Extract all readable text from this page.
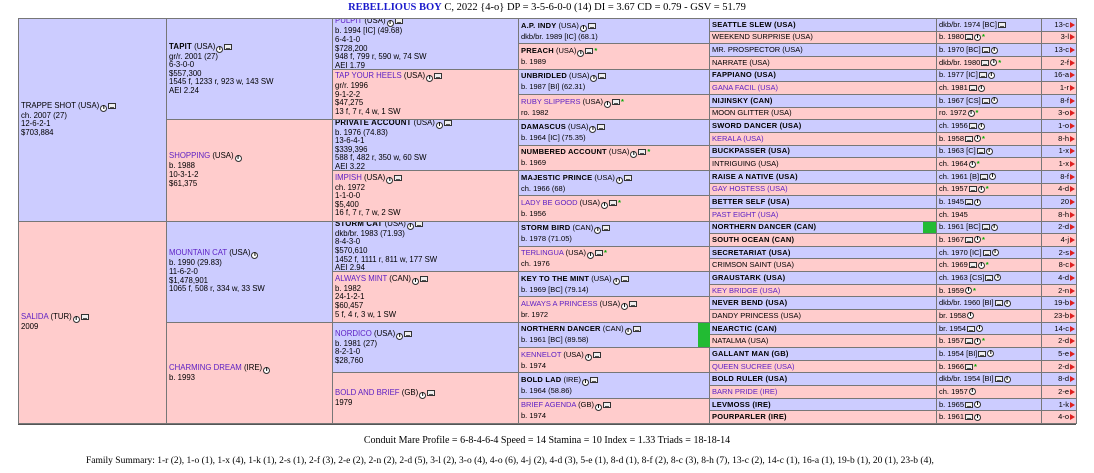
REBELLIOUS BOY C, 2022 {4-o} DP = 3-5-6-0-0 (14) DI = 3.67 CD = 0.79 - GSV = 51.79
TRAPPE SHOT (USA) i
ch. 2007 (27)
12-6-2-1
$703,884
SALIDA (TUR) i
2009
TAPIT (USA) i
gr/r. 2001 (27)
6-3-0-0
$557,300
1545 f, 1233 r, 923 w, 143 SW
AEI 2.24
SHOPPING (USA) i
b. 1988
10-3-1-2
$61,375
MOUNTAIN CAT (USA) i
b. 1990 (29.83)
11-6-2-0
$1,478,901
1065 f, 508 r, 334 w, 33 SW
CHARMING DREAM (IRE) i
b. 1993
PULPIT (USA) i
b. 1994 [IC] (49.68)
6-4-1-0
$728,200
948 f, 799 r, 590 w, 74 SW
AEI 1.79
TAP YOUR HEELS (USA) i
gr/r. 1996
9-1-2-2
$47,275
13 f, 7 r, 4 w, 1 SW
PRIVATE ACCOUNT (USA) i
b. 1976 (74.83)
13-6-4-1
$339,396
588 f, 482 r, 350 w, 60 SW
AEI 3.22
IMPISH (USA) i
ch. 1972
1-1-0-0
$5,400
16 f, 7 r, 7 w, 2 SW
STORM CAT (USA) i
dkb/br. 1983 (71.93)
8-4-3-0
$570,610
1452 f, 1111 r, 811 w, 177 SW
AEI 2.94
ALWAYS MINT (CAN) i
b. 1982
24-1-2-1
$60,457
5 f, 4 r, 3 w, 1 SW
NORDICO (USA) i
b. 1981 (27)
8-2-1-0
$28,760
BOLD AND BRIEF (GB) i
1979
A.P. INDY (USA) i
dkb/br. 1989 [IC] (68.1)
SEATTLE SLEW (USA)	dkb/br. 1974 [BC]	13-c
WEEKEND SURPRISE (USA)	b. 1980	i *	3-l
PREACH (USA) i *
b. 1989
MR. PROSPECTOR (USA)	b. 1970 [BC]	i	13-c
NARRATE (USA)	dkb/br. 1980	i *	2-f
UNBRIDLED (USA) i
b. 1987 [BI] (62.31)
FAPPIANO (USA)	b. 1977 [IC]	i	16-a
GANA FACIL (USA)	ch. 1981	i	1-r
RUBY SLIPPERS (USA) i *
ro. 1982
NIJINSKY (CAN)	b. 1967 [CS]	i	8-f
MOON GLITTER (USA)	ro. 1972 i *	3-o
DAMASCUS (USA) i
b. 1964 [IC] (75.35)
SWORD DANCER (USA)	ch. 1956	i	1-o
KERALA (USA)	b. 1958	i *	8-h
NUMBERED ACCOUNT (USA) i *
b. 1969
BUCKPASSER (USA)	b. 1963 [C]	i	1-x
INTRIGUING (USA)	ch. 1964 i *	1-x
MAJESTIC PRINCE (USA) i
ch. 1966 (68)
RAISE A NATIVE (USA)	ch. 1961 [B]	i	8-f
GAY HOSTESS (USA)	ch. 1957	i *	4-d
LADY BE GOOD (USA) i *
b. 1956
BETTER SELF (USA)	b. 1945	i	20
PAST EIGHT (USA)	ch. 1945	8-h
STORM BIRD (CAN) i
b. 1978 (71.05)
NORTHERN DANCER (CAN)	b. 1961 [BC]	i	2-d
SOUTH OCEAN (CAN)	b. 1967	i *	4-j
TERLINGUA (USA) i *
ch. 1976
SECRETARIAT (USA)	ch. 1970 [IC]	i	2-s
CRIMSON SAINT (USA)	ch. 1969	i *	8-c
KEY TO THE MINT (USA) i
b. 1969 [BC] (79.14)
GRAUSTARK (USA)	ch. 1963 [CS]	i	4-d
KEY BRIDGE (USA)	b. 1959 i *	2-n
ALWAYS A PRINCESS (USA) i
br. 1972
NEVER BEND (USA)	dkb/br. 1960 [BI]	i	19-b
DANDY PRINCESS (USA)	br. 1958 i	23-b
NORTHERN DANCER (CAN) i
b. 1961 [BC] (89.58)
NEARCTIC (CAN)	br. 1954	i	14-c
NATALMA (USA)	b. 1957	i *	2-d
KENNELOT (USA) i
b. 1974
GALLANT MAN (GB)	b. 1954 [BI]	i	5-e
QUEEN SUCREE (USA)	b. 1966 *	2-d
BOLD LAD (IRE) i
b. 1964 (58.86)
BOLD RULER (USA)	dkb/br. 1954 [BI]	i	8-d
BARN PRIDE (IRE)	ch. 1957 i	2-e
BRIEF AGENDA (GB) i
b. 1974
LEVMOSS (IRE)	b. 1965	i	1-k
POURPARLER (IRE)	b. 1961	i	4-o
Conduit Mare Profile = 6-8-4-6-4 Speed = 14 Stamina = 10 Index = 1.33 Triads = 18-18-14
Family Summary: 1-r (2), 1-o (1), 1-x (4), 1-k (1), 2-s (1), 2-f (3), 2-e (2), 2-n (2), 2-d (5), 3-l (2), 3-o (4), 4-o (6), 4-j (2), 4-d (3), 5-e (1), 8-d (1), 8-f (2), 8-c (3), 8-h (7), 13-c (2), 14-c (1), 16-a (1), 19-b (1), 20 (1), 23-b (4),
